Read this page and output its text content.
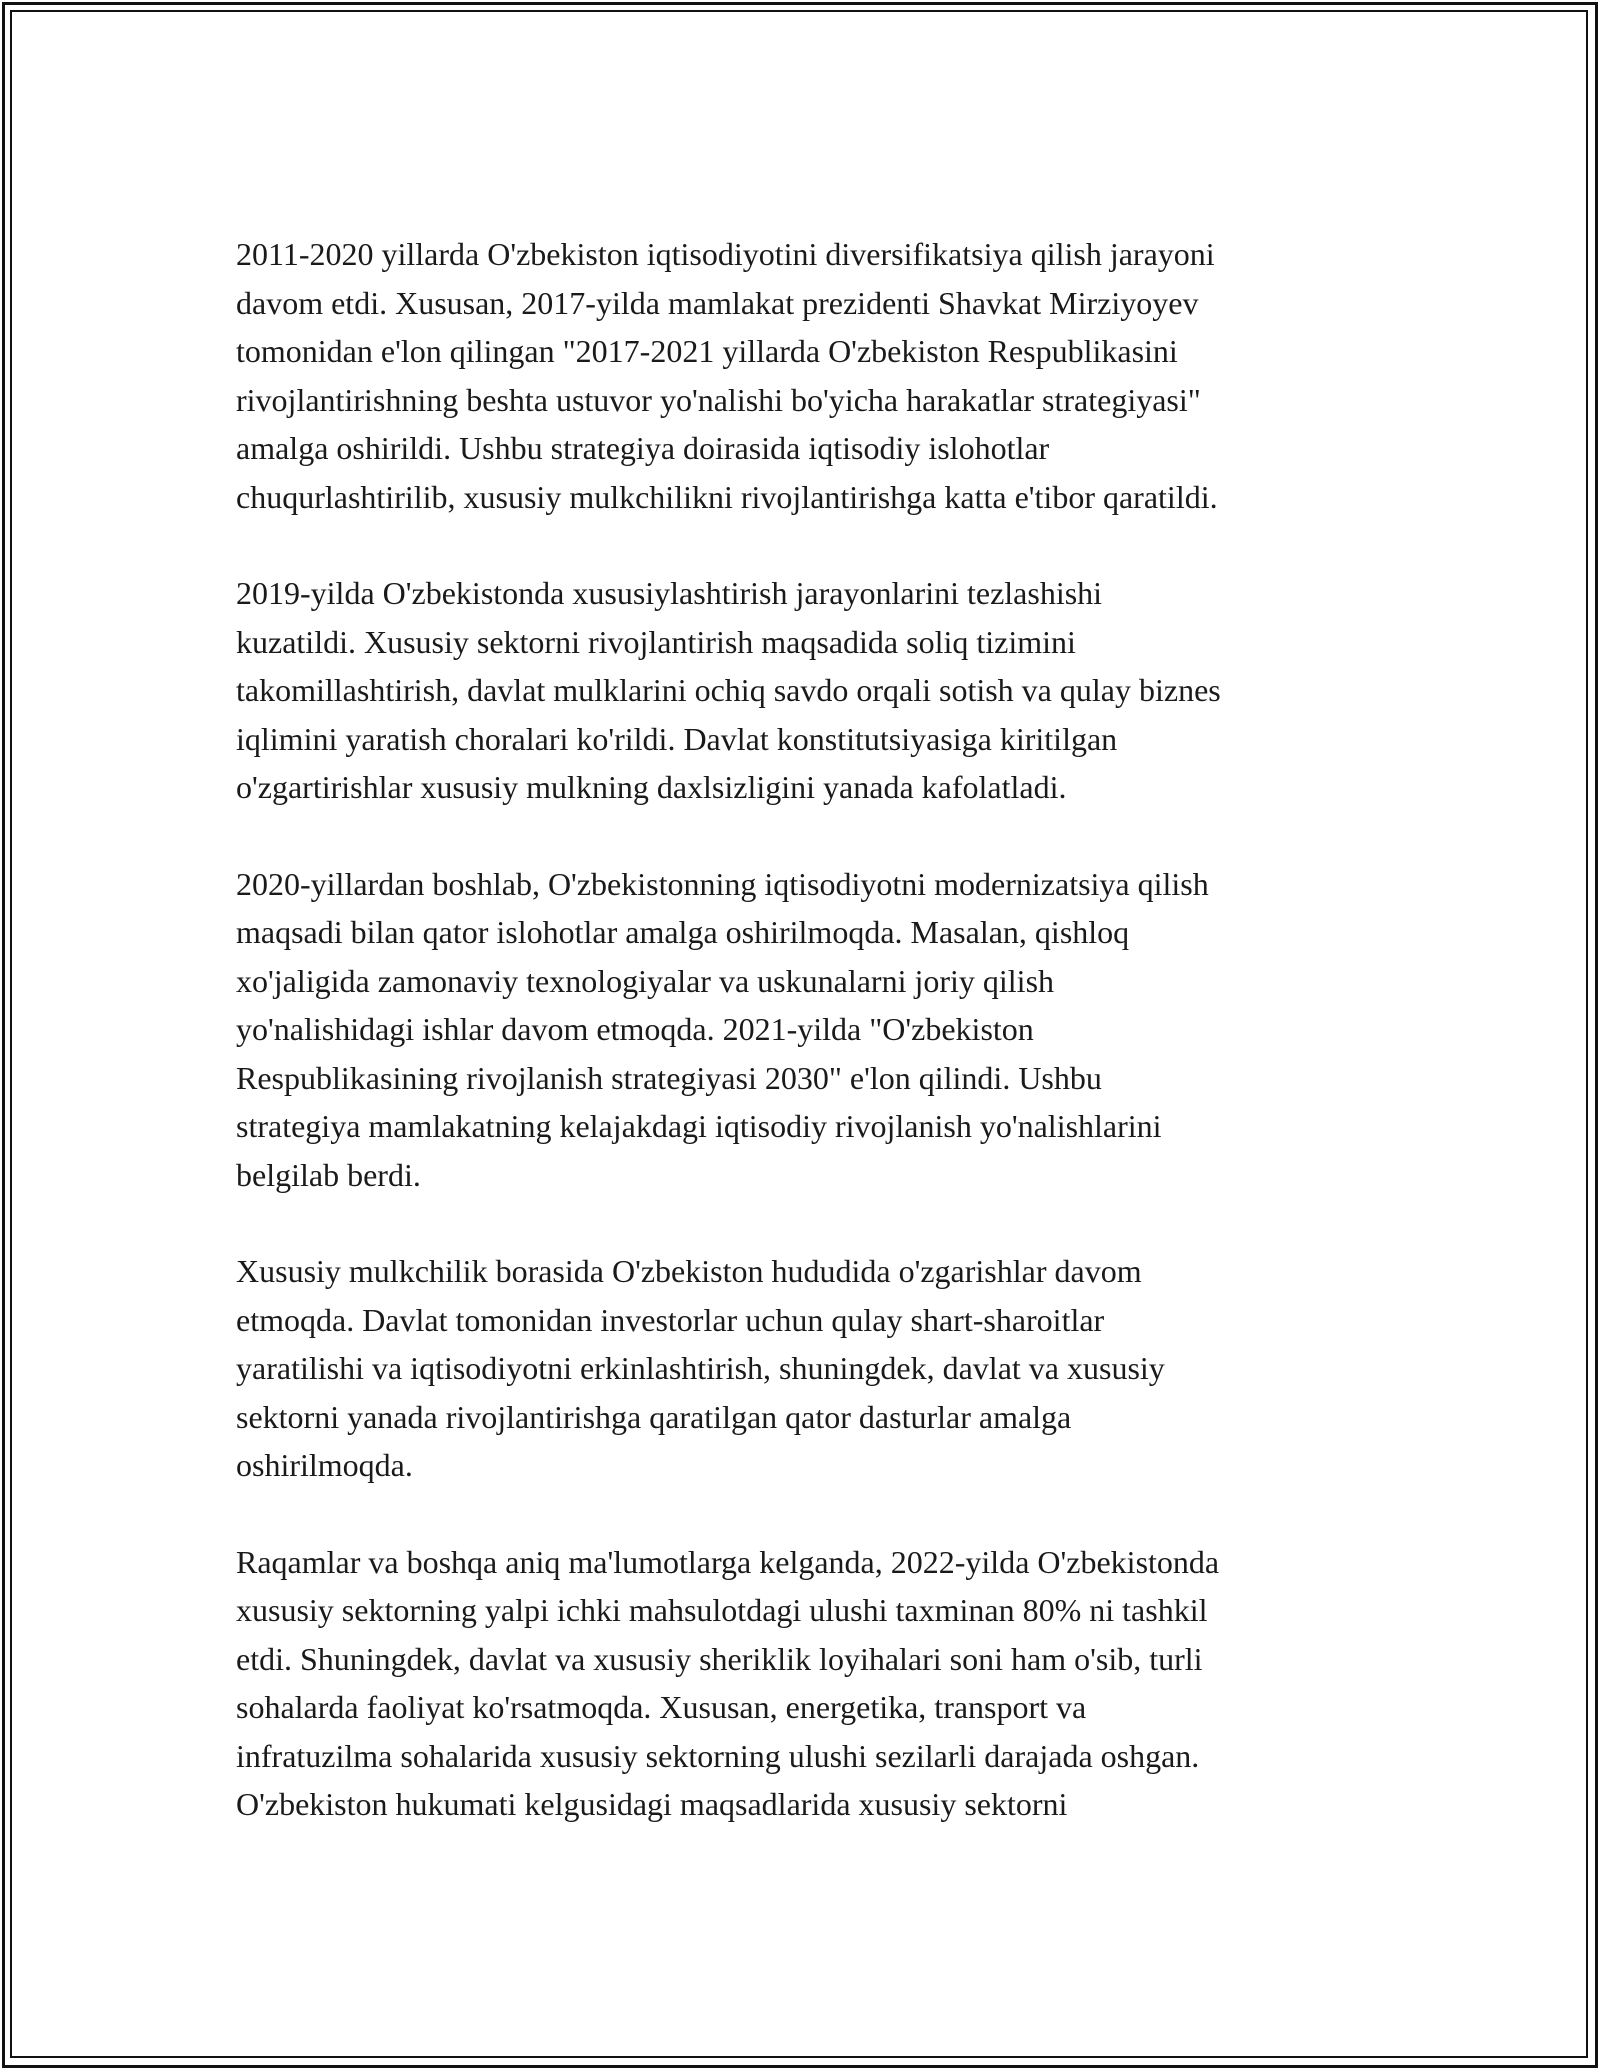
2011-2020 yillarda O'zbekiston iqtisodiyotini diversifikatsiya qilish jarayoni
davom etdi. Xususan, 2017-yilda mamlakat prezidenti Shavkat Mirziyoyev
tomonidan e'lon qilingan "2017-2021 yillarda O'zbekiston Respublikasini
rivojlantirishning beshta ustuvor yo'nalishi bo'yicha harakatlar strategiyasi"
amalga oshirildi. Ushbu strategiya doirasida iqtisodiy islohotlar
chuqurlashtirilib, xususiy mulkchilikni rivojlantirishga katta e'tibor qaratildi.

2019-yilda O'zbekistonda xususiylashtirish jarayonlarini tezlashishi
kuzatildi. Xususiy sektorni rivojlantirish maqsadida soliq tizimini
takomillashtirish, davlat mulklarini ochiq savdo orqali sotish va qulay biznes
iqlimini yaratish choralari ko'rildi. Davlat konstitutsiyasiga kiritilgan
o'zgartirishlar xususiy mulkning daxlsizligini yanada kafolatladi.

2020-yillardan boshlab, O'zbekistonning iqtisodiyotni modernizatsiya qilish
maqsadi bilan qator islohotlar amalga oshirilmoqda. Masalan, qishloq
xo'jaligida zamonaviy texnologiyalar va uskunalarni joriy qilish
yo'nalishidagi ishlar davom etmoqda. 2021-yilda "O'zbekiston
Respublikasining rivojlanish strategiyasi 2030" e'lon qilindi. Ushbu
strategiya mamlakatning kelajakdagi iqtisodiy rivojlanish yo'nalishlarini
belgilab berdi.

Xususiy mulkchilik borasida O'zbekiston hududida o'zgarishlar davom
etmoqda. Davlat tomonidan investorlar uchun qulay shart-sharoitlar
yaratilishi va iqtisodiyotni erkinlashtirish, shuningdek, davlat va xususiy
sektorni yanada rivojlantirishga qaratilgan qator dasturlar amalga
oshirilmoqda.

Raqamlar va boshqa aniq ma'lumotlarga kelganda, 2022-yilda O'zbekistonda
xususiy sektorning yalpi ichki mahsulotdagi ulushi taxminan 80% ni tashkil
etdi. Shuningdek, davlat va xususiy sheriklik loyihalari soni ham o'sib, turli
sohalarda faoliyat ko'rsatmoqda. Xususan, energetika, transport va
infratuzilma sohalarida xususiy sektorning ulushi sezilarli darajada oshgan.
O'zbekiston hukumati kelgusidagi maqsadlarida xususiy sektorni
